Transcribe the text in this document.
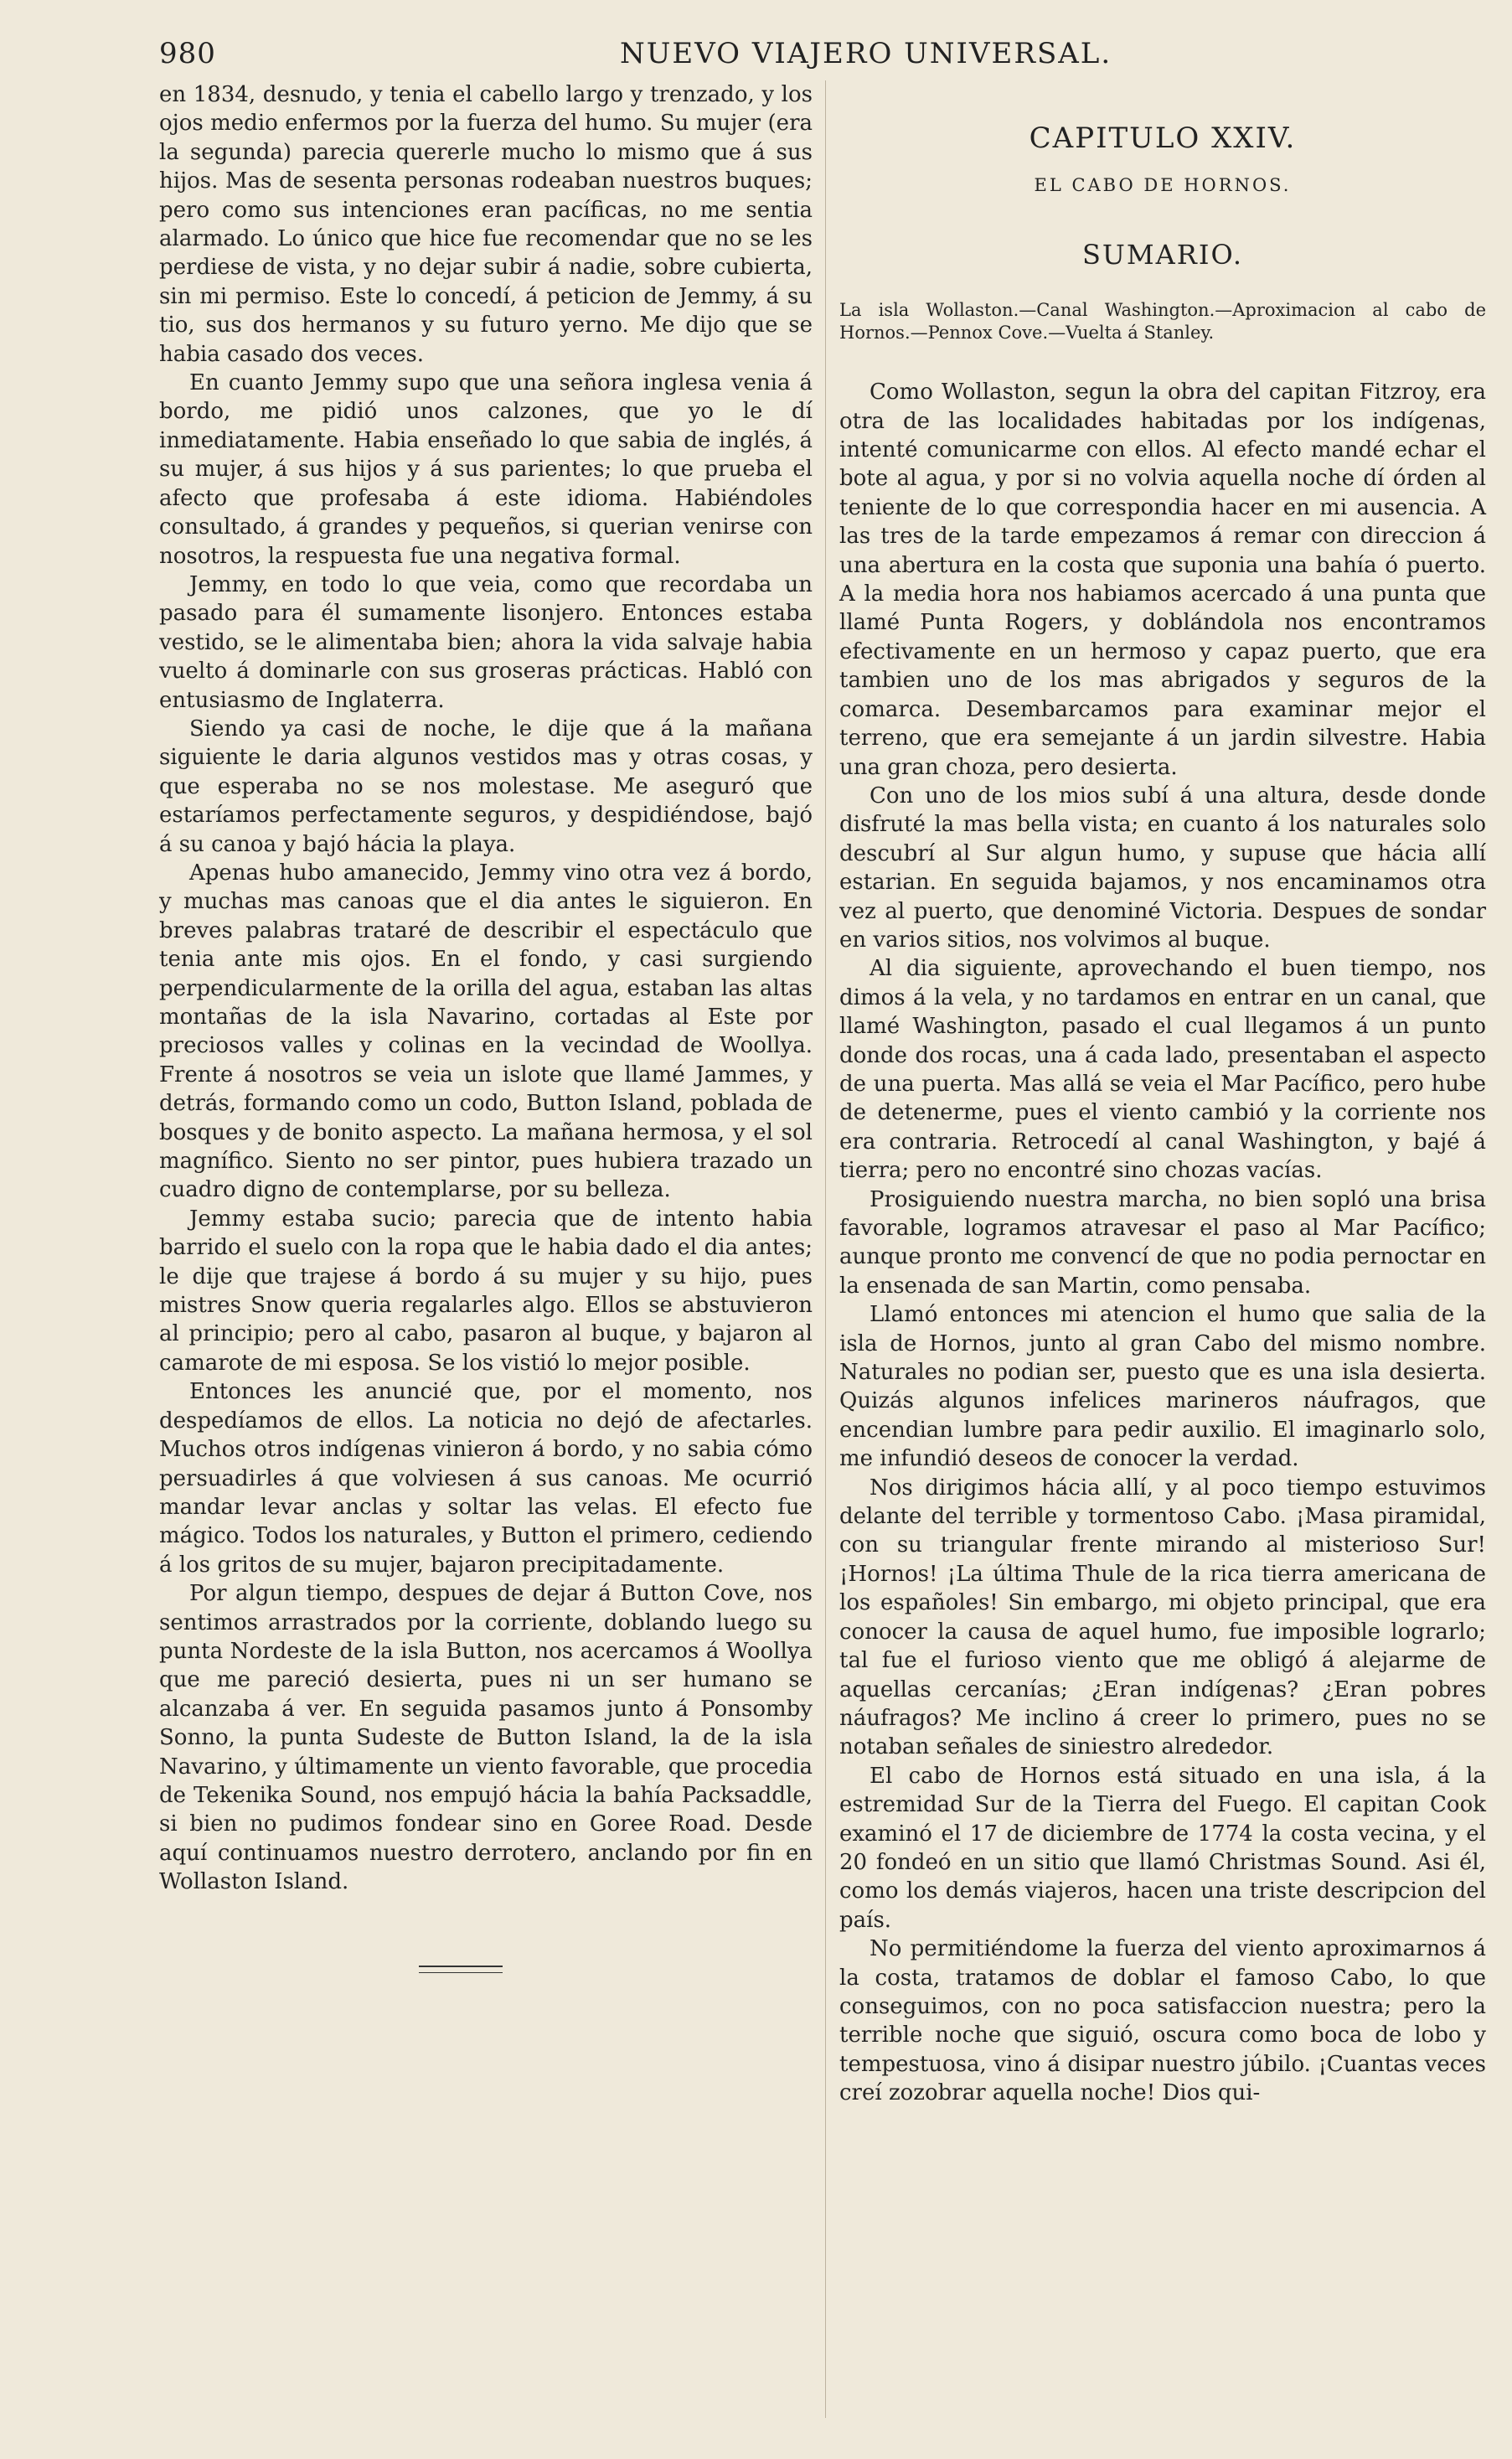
980	NUEVO VIAJERO UNIVERSAL.

en 1834, desnudo, y tenia el cabello largo y trenzado, y los ojos medio enfermos por la fuerza del humo. Su mujer (era la segunda) parecia quererle mucho lo mismo que á sus hijos. Mas de sesenta personas rodeaban nuestros buques; pero como sus intenciones eran pacíficas, no me sentia alarmado. Lo único que hice fue recomendar que no se les perdiese de vista, y no dejar subir á nadie, sobre cubierta, sin mi permiso. Este lo concedí, á peticion de Jemmy, á su tio, sus dos hermanos y su futuro yerno. Me dijo que se habia casado dos veces.

En cuanto Jemmy supo que una señora inglesa venia á bordo, me pidió unos calzones, que yo le dí inmediatamente. Habia enseñado lo que sabia de inglés, á su mujer, á sus hijos y á sus parientes; lo que prueba el afecto que profesaba á este idioma. Habiéndoles consultado, á grandes y pequeños, si querian venirse con nosotros, la respuesta fue una negativa formal.

Jemmy, en todo lo que veia, como que recordaba un pasado para él sumamente lisonjero. Entonces estaba vestido, se le alimentaba bien; ahora la vida salvaje habia vuelto á dominarle con sus groseras prácticas. Habló con entusiasmo de Inglaterra.

Siendo ya casi de noche, le dije que á la mañana siguiente le daria algunos vestidos mas y otras cosas, y que esperaba no se nos molestase. Me aseguró que estaríamos perfectamente seguros, y despidiéndose, bajó á su canoa y bajó hácia la playa.

Apenas hubo amanecido, Jemmy vino otra vez á bordo, y muchas mas canoas que el dia antes le siguieron. En breves palabras trataré de describir el espectáculo que tenia ante mis ojos. En el fondo, y casi surgiendo perpendicularmente de la orilla del agua, estaban las altas montañas de la isla Navarino, cortadas al Este por preciosos valles y colinas en la vecindad de Woollya. Frente á nosotros se veia un islote que llamé Jammes, y detrás, formando como un codo, Button Island, poblada de bosques y de bonito aspecto. La mañana hermosa, y el sol magnífico. Siento no ser pintor, pues hubiera trazado un cuadro digno de contemplarse, por su belleza.

Jemmy estaba sucio; parecia que de intento habia barrido el suelo con la ropa que le habia dado el dia antes; le dije que trajese á bordo á su mujer y su hijo, pues mistres Snow queria regalarles algo. Ellos se abstuvieron al principio; pero al cabo, pasaron al buque, y bajaron al camarote de mi esposa. Se los vistió lo mejor posible.

Entonces les anuncié que, por el momento, nos despedíamos de ellos. La noticia no dejó de afectarles. Muchos otros indígenas vinieron á bordo, y no sabia cómo persuadirles á que volviesen á sus canoas. Me ocurrió mandar levar anclas y soltar las velas. El efecto fue mágico. Todos los naturales, y Button el primero, cediendo á los gritos de su mujer, bajaron precipitadamente.

Por algun tiempo, despues de dejar á Button Cove, nos sentimos arrastrados por la corriente, doblando luego su punta Nordeste de la isla Button, nos acercamos á Woollya que me pareció desierta, pues ni un ser humano se alcanzaba á ver. En seguida pasamos junto á Ponsomby Sonno, la punta Sudeste de Button Island, la de la isla Navarino, y últimamente un viento favorable, que procedia de Tekenika Sound, nos empujó hácia la bahía Packsaddle, si bien no pudimos fondear sino en Goree Road. Desde aquí continuamos nuestro derrotero, anclando por fin en Wollaston Island.

CAPITULO XXIV.
EL CABO DE HORNOS.
SUMARIO.

La isla Wollaston.—Canal Washington.—Aproximacion al cabo de Hornos.—Pennox Cove.—Vuelta á Stanley.

Como Wollaston, segun la obra del capitan Fitzroy, era otra de las localidades habitadas por los indígenas, intenté comunicarme con ellos. Al efecto mandé echar el bote al agua, y por si no volvia aquella noche dí órden al teniente de lo que correspondia hacer en mi ausencia. A las tres de la tarde empezamos á remar con direccion á una abertura en la costa que suponia una bahía ó puerto. A la media hora nos habiamos acercado á una punta que llamé Punta Rogers, y doblándola nos encontramos efectivamente en un hermoso y capaz puerto, que era tambien uno de los mas abrigados y seguros de la comarca. Desembarcamos para examinar mejor el terreno, que era semejante á un jardin silvestre. Habia una gran choza, pero desierta.

Con uno de los mios subí á una altura, desde donde disfruté la mas bella vista; en cuanto á los naturales solo descubrí al Sur algun humo, y supuse que hácia allí estarian. En seguida bajamos, y nos encaminamos otra vez al puerto, que denominé Victoria. Despues de sondar en varios sitios, nos volvimos al buque.

Al dia siguiente, aprovechando el buen tiempo, nos dimos á la vela, y no tardamos en entrar en un canal, que llamé Washington, pasado el cual llegamos á un punto donde dos rocas, una á cada lado, presentaban el aspecto de una puerta. Mas allá se veia el Mar Pacífico, pero hube de detenerme, pues el viento cambió y la corriente nos era contraria. Retrocedí al canal Washington, y bajé á tierra; pero no encontré sino chozas vacías.

Prosiguiendo nuestra marcha, no bien sopló una brisa favorable, logramos atravesar el paso al Mar Pacífico; aunque pronto me convencí de que no podia pernoctar en la ensenada de san Martin, como pensaba.

Llamó entonces mi atencion el humo que salia de la isla de Hornos, junto al gran Cabo del mismo nombre. Naturales no podian ser, puesto que es una isla desierta. Quizás algunos infelices marineros náufragos, que encendian lumbre para pedir auxilio. El imaginarlo solo, me infundió deseos de conocer la verdad.

Nos dirigimos hácia allí, y al poco tiempo estuvimos delante del terrible y tormentoso Cabo. ¡Masa piramidal, con su triangular frente mirando al misterioso Sur! ¡Hornos! ¡La última Thule de la rica tierra americana de los españoles! Sin embargo, mi objeto principal, que era conocer la causa de aquel humo, fue imposible lograrlo; tal fue el furioso viento que me obligó á alejarme de aquellas cercanías; ¿Eran indígenas? ¿Eran pobres náufragos? Me inclino á creer lo primero, pues no se notaban señales de siniestro alrededor.

El cabo de Hornos está situado en una isla, á la estremidad Sur de la Tierra del Fuego. El capitan Cook examinó el 17 de diciembre de 1774 la costa vecina, y el 20 fondeó en un sitio que llamó Christmas Sound. Asi él, como los demás viajeros, hacen una triste descripcion del país.

No permitiéndome la fuerza del viento aproximarnos á la costa, tratamos de doblar el famoso Cabo, lo que conseguimos, con no poca satisfaccion nuestra; pero la terrible noche que siguió, oscura como boca de lobo y tempestuosa, vino á disipar nuestro júbilo. ¡Cuantas veces creí zozobrar aquella noche! Dios qui-
